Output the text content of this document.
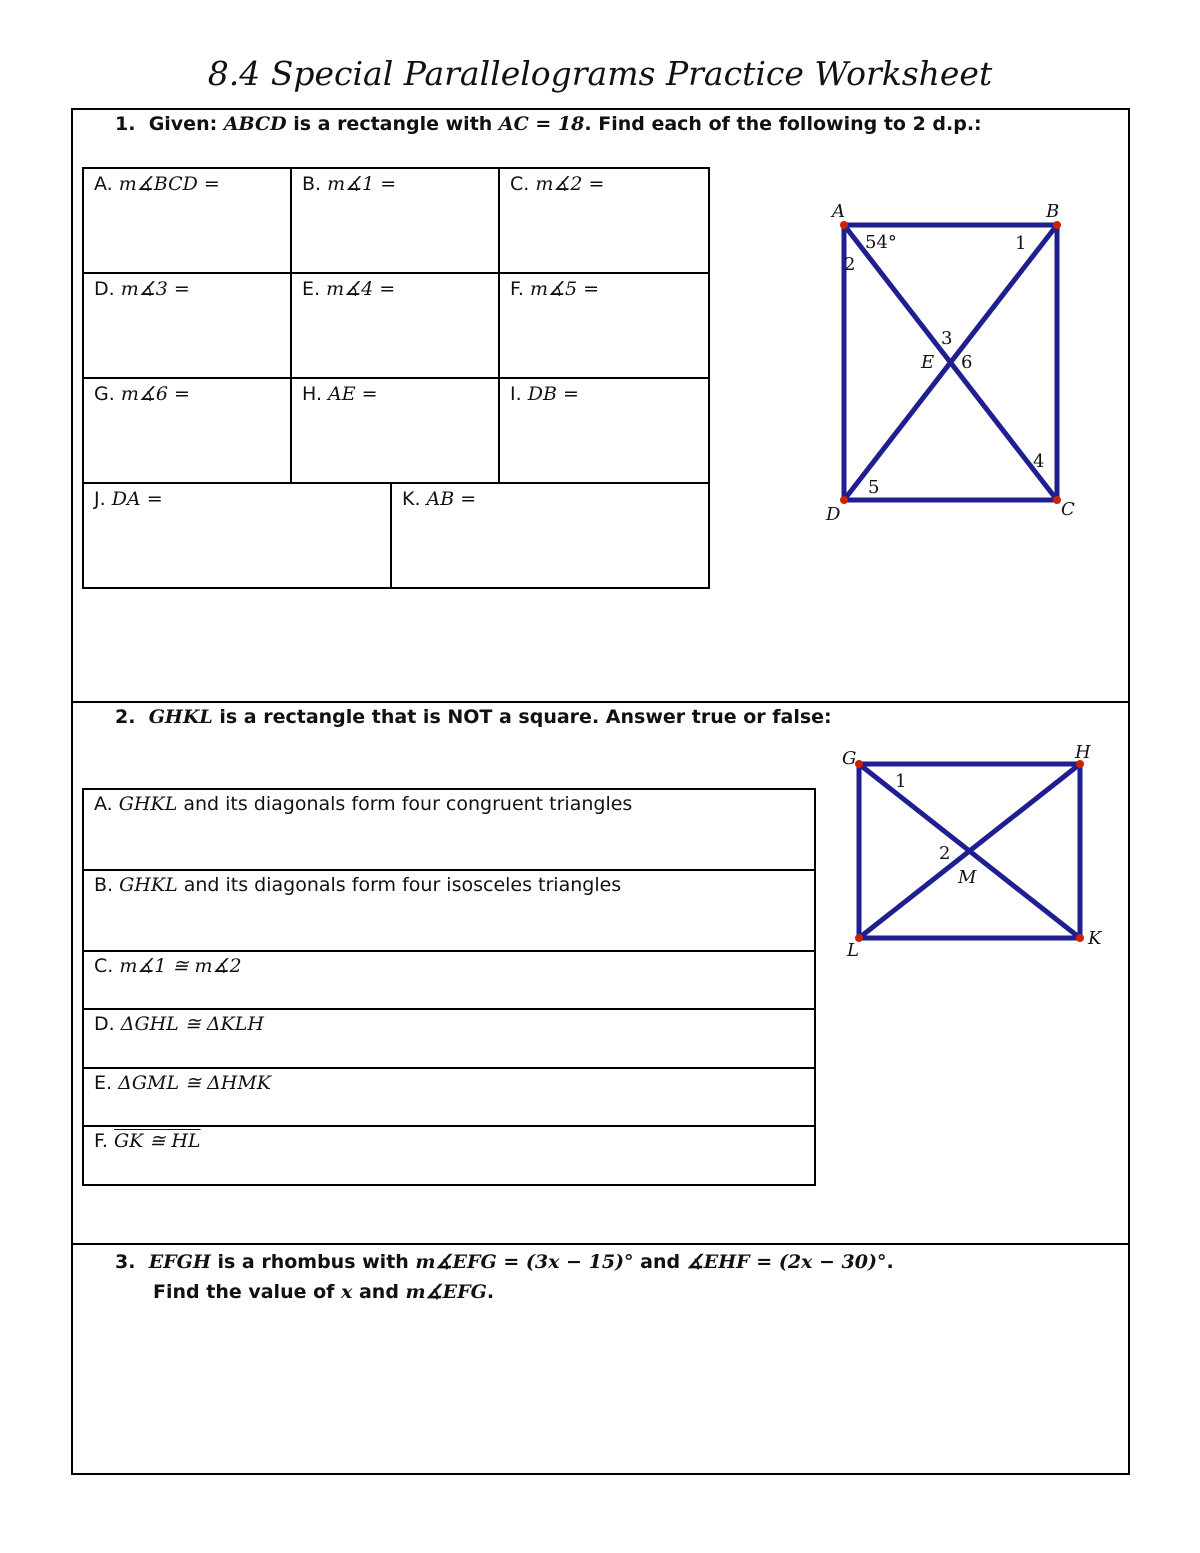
8.4 Special Parallelograms Practice Worksheet
1. Given: ABCD is a rectangle with AC = 18. Find each of the following to 2 d.p.:
A. m∡BCD =	B. m∡1 =		C. m∡2 =
D. m∡3 =	E. m∡4 =		F. m∡5 =
G. m∡6 =	H. AE =		I. DB =
J. DA =		K. AB =	
A	B
C
D
E
54°	1
2
3
4
5
6
2. GHKL is a rectangle that is NOT a square. Answer true or false:
A. GHKL and its diagonals form four congruent triangles
B. GHKL and its diagonals form four isosceles triangles
C. m∡1 ≅ m∡2
D. ΔGHL ≅ ΔKLH
E. ΔGML ≅ ΔHMK
F. GK ≅ HL
G	H
K
L
M
1
2
3. EFGH is a rhombus with m∡EFG = (3x − 15)° and ∡EHF = (2x − 30)°.
Find the value of x and m∡EFG.
